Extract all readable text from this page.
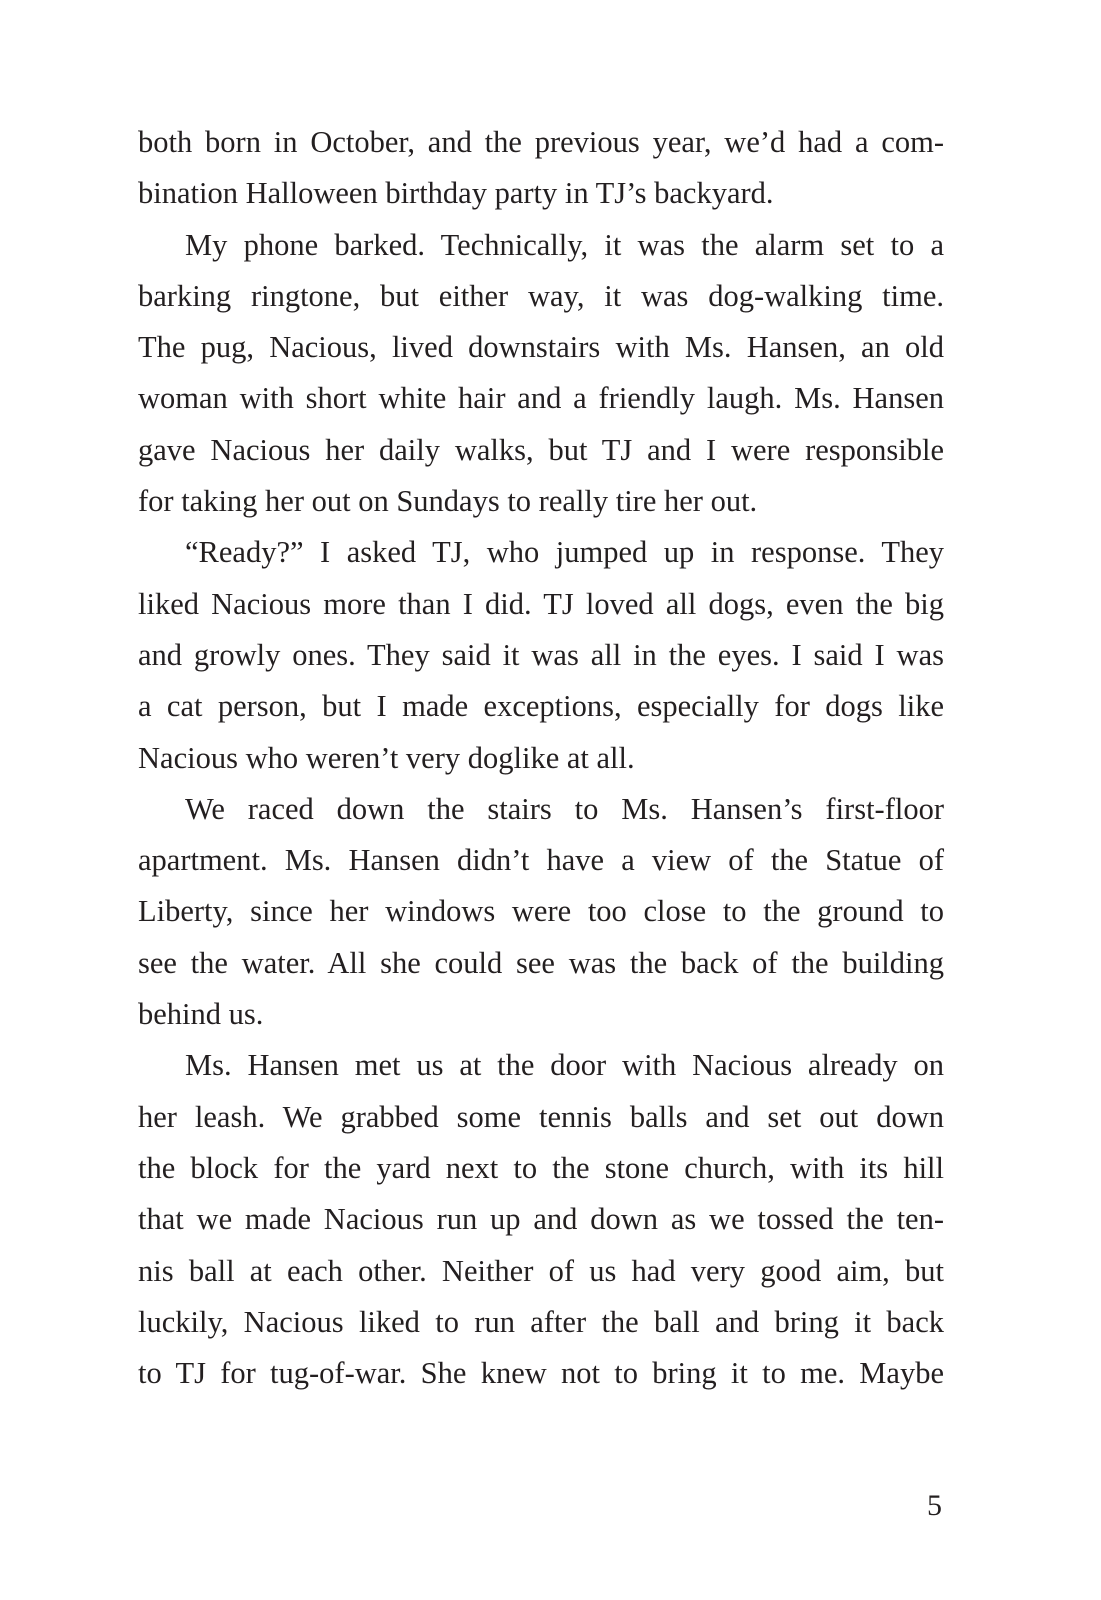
both born in October, and the previous year, we’d had a com-
bination Halloween birthday party in TJ’s backyard.

My phone barked. Technically, it was the alarm set to a
barking ringtone, but either way, it was dog-walking time.
The pug, Nacious, lived downstairs with Ms. Hansen, an old
woman with short white hair and a friendly laugh. Ms. Hansen
gave Nacious her daily walks, but TJ and I were responsible
for taking her out on Sundays to really tire her out.

“Ready?” I asked TJ, who jumped up in response. They
liked Nacious more than I did. TJ loved all dogs, even the big
and growly ones. They said it was all in the eyes. I said I was
a cat person, but I made exceptions, especially for dogs like
Nacious who weren’t very doglike at all.

We raced down the stairs to Ms. Hansen’s first-floor
apartment. Ms. Hansen didn’t have a view of the Statue of
Liberty, since her windows were too close to the ground to
see the water. All she could see was the back of the building
behind us.

Ms. Hansen met us at the door with Nacious already on
her leash. We grabbed some tennis balls and set out down
the block for the yard next to the stone church, with its hill
that we made Nacious run up and down as we tossed the ten-
nis ball at each other. Neither of us had very good aim, but
luckily, Nacious liked to run after the ball and bring it back
to TJ for tug-of-war. She knew not to bring it to me. Maybe

5
